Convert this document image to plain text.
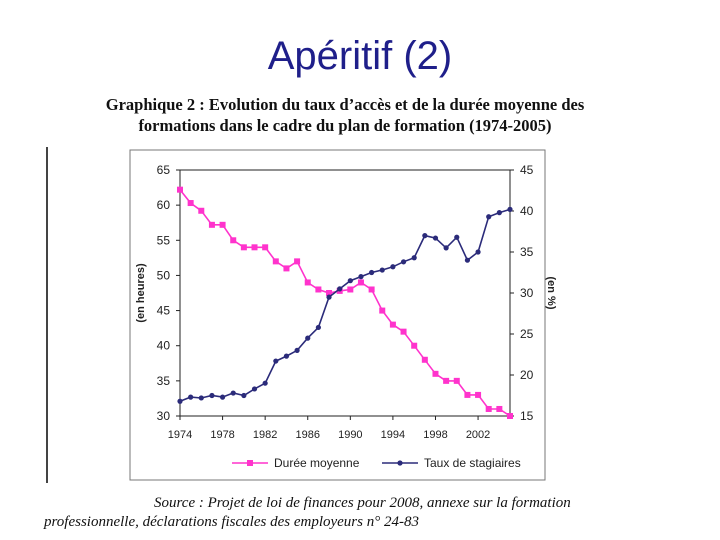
Apéritif (2)
Graphique 2 : Evolution du taux d’accès et de la durée moyenne des
formations dans le cadre du plan de formation (1974-2005)
1974 1978 1982 1986 1990 1994 1998 2002
30
35
40
45
50
55
60
65
15
20
25
30
35
40
45
(en heures)	(en %)
Durée moyenne	Taux de stagiaires
Source : Projet de loi de finances pour 2008, annexe sur la formation
professionnelle, déclarations fiscales des employeurs n° 24-83
